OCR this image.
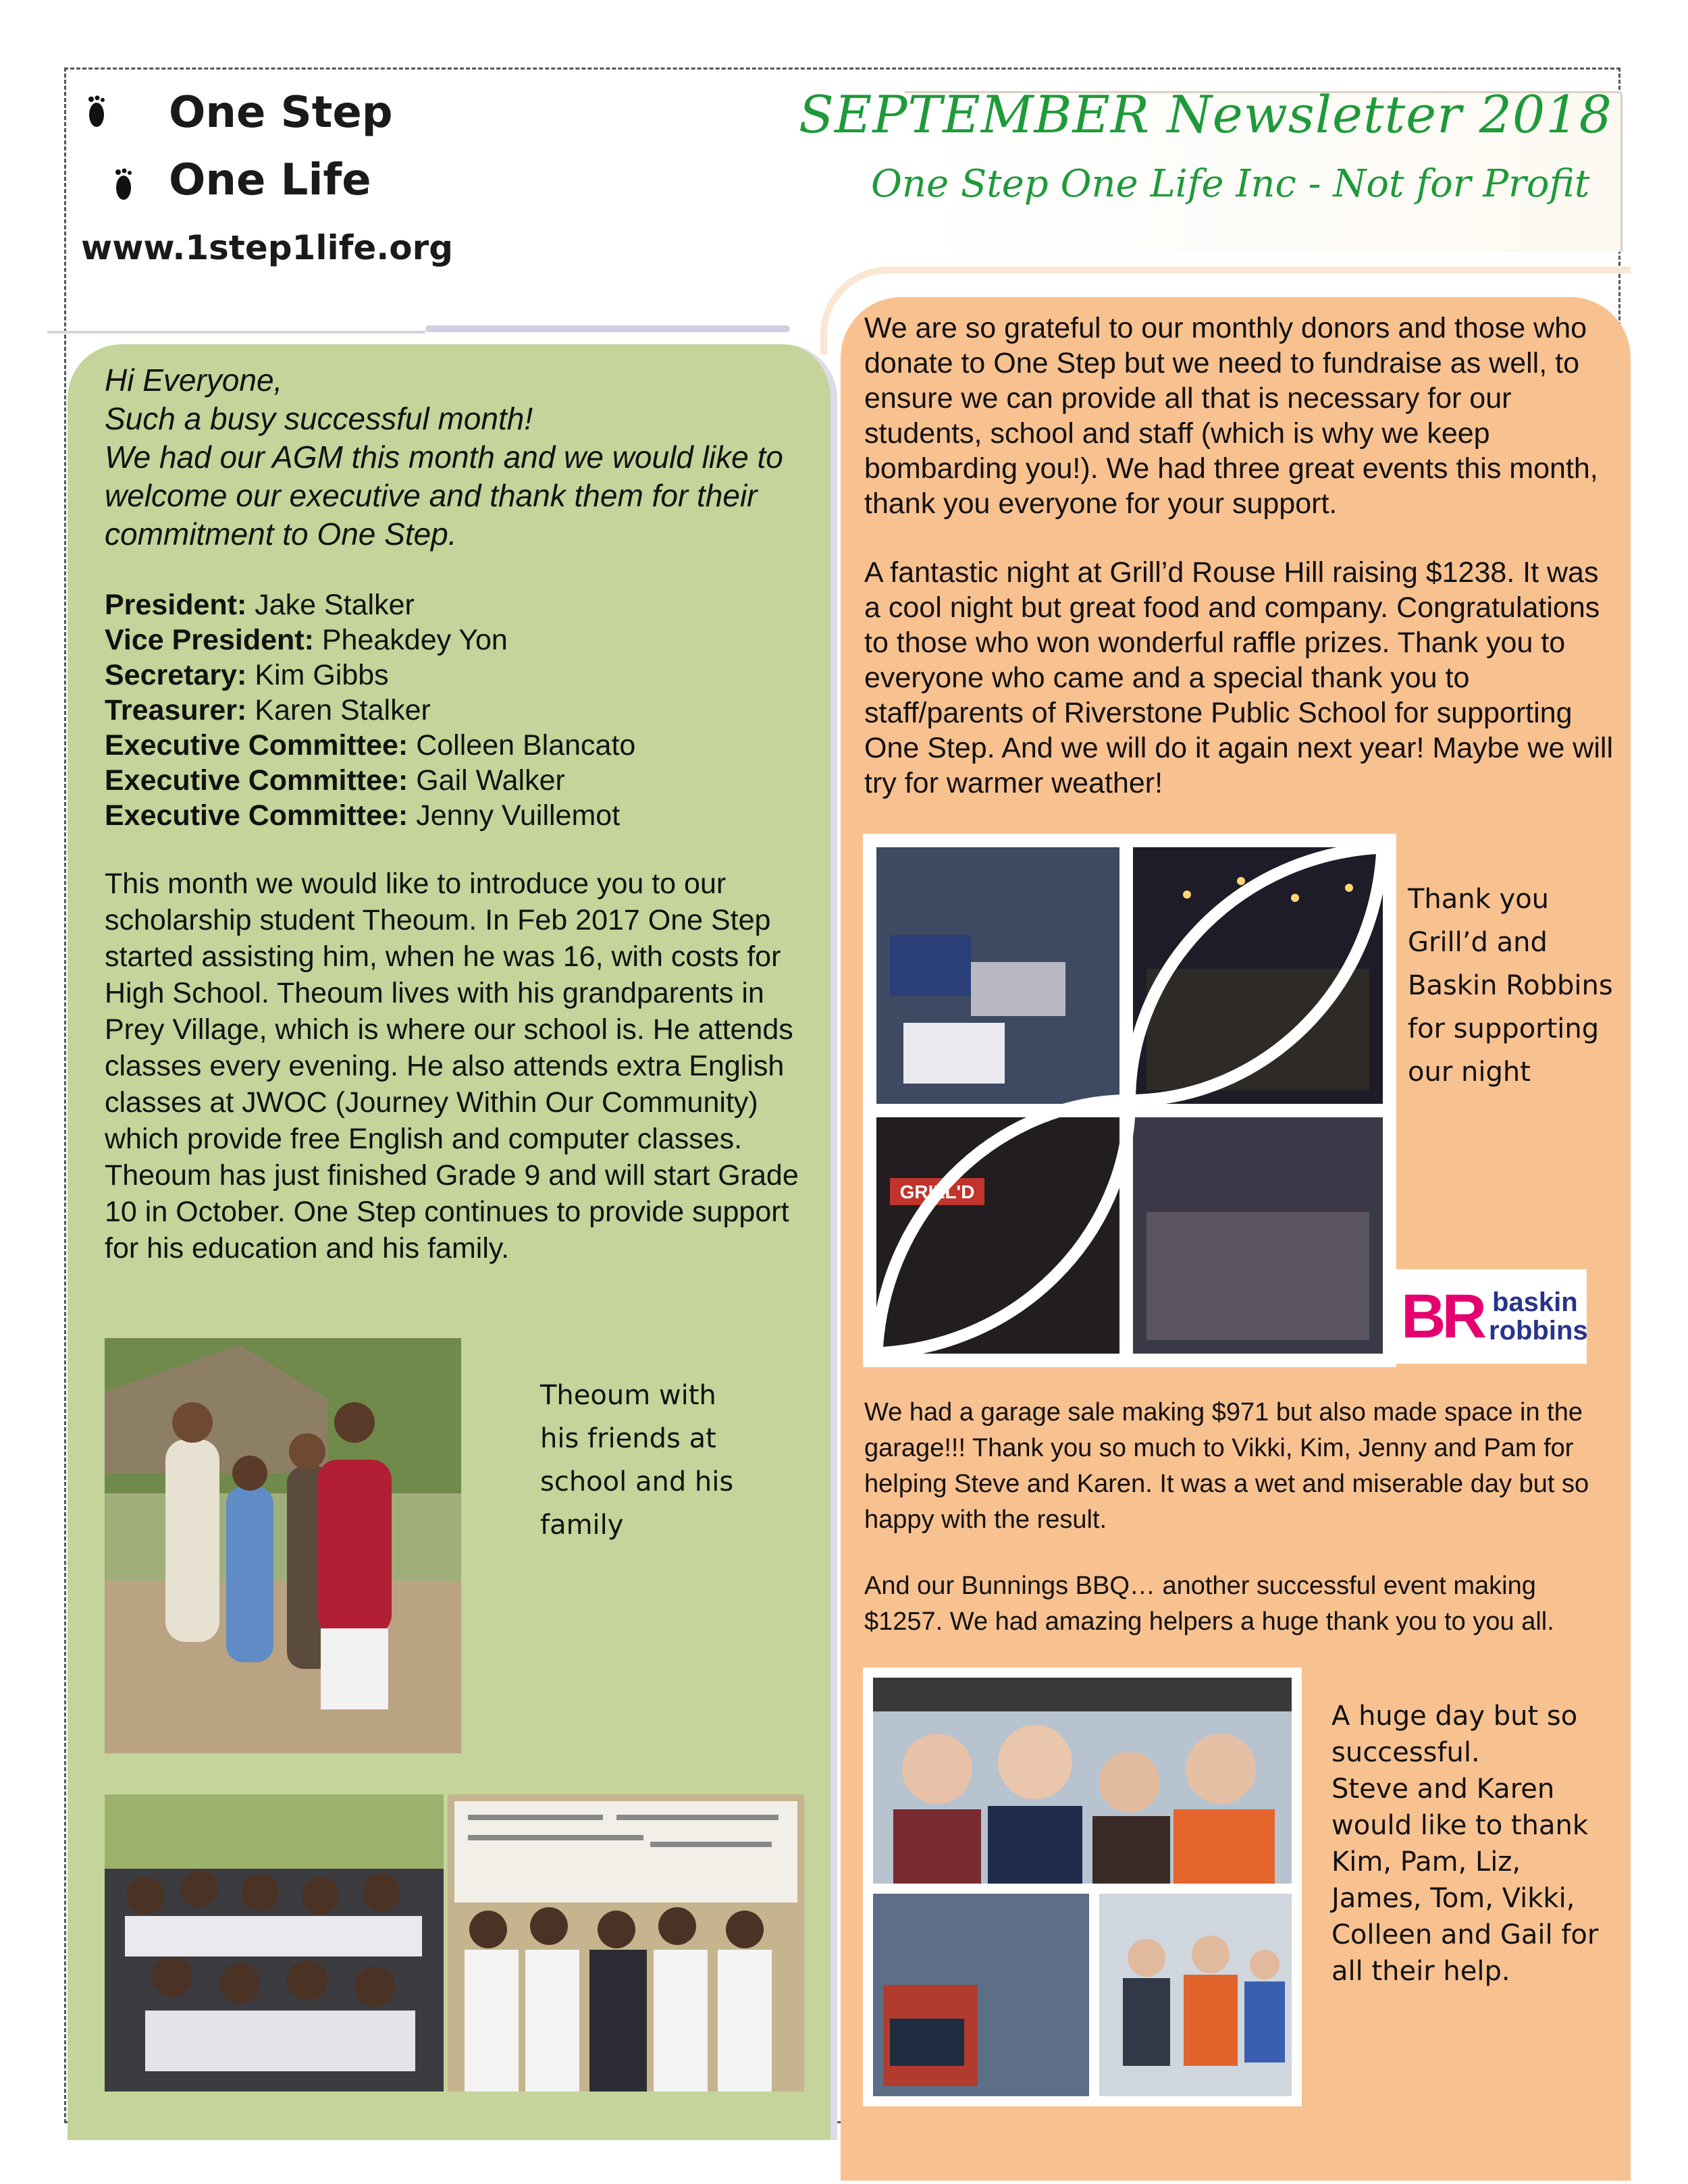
One Step
One Life
www.1step1life.org
SEPTEMBER Newsletter 2018
One Step One Life Inc - Not for Profit
Hi Everyone,
Such a busy successful month!
We had our AGM this month and we would like to welcome our executive and thank them for their commitment to One Step.
President: Jake Stalker
Vice President: Pheakdey Yon
Secretary: Kim Gibbs
Treasurer: Karen Stalker
Executive Committee: Colleen Blancato
Executive Committee: Gail Walker
Executive Committee: Jenny Vuillemot
This month we would like to introduce you to our scholarship student Theoum. In Feb 2017 One Step started assisting him, when he was 16, with costs for High School. Theoum lives with his grandparents in Prey Village, which is where our school is. He attends classes every evening. He also attends extra English classes at JWOC (Journey Within Our Community) which provide free English and computer classes. Theoum has just finished Grade 9 and will start Grade 10 in October. One Step continues to provide support for his education and his family.
Theoum with
his friends at
school and his
family
We are so grateful to our monthly donors and those who donate to One Step but we need to fundraise as well, to ensure we can provide all that is necessary for our students, school and staff (which is why we keep bombarding you!). We had three great events this month, thank you everyone for your support.
A fantastic night at Grill’d Rouse Hill raising $1238. It was a cool night but great food and company. Congratulations to those who won wonderful raffle prizes. Thank you to everyone who came and a special thank you to staff/parents of Riverstone Public School for supporting One Step. And we will do it again next year! Maybe we will try for warmer weather!
GRILL'D
Thank you
Grill’d and
Baskin Robbins
for supporting
our night
BR baskin
robbins
We had a garage sale making $971 but also made space in the garage!!! Thank you so much to Vikki, Kim, Jenny and Pam for helping Steve and Karen. It was a wet and miserable day but so happy with the result.
And our Bunnings BBQ… another successful event making $1257. We had amazing helpers a huge thank you to you all.
A huge day but so
successful.
Steve and Karen
would like to thank
Kim, Pam, Liz,
James, Tom, Vikki,
Colleen and Gail for
all their help.
